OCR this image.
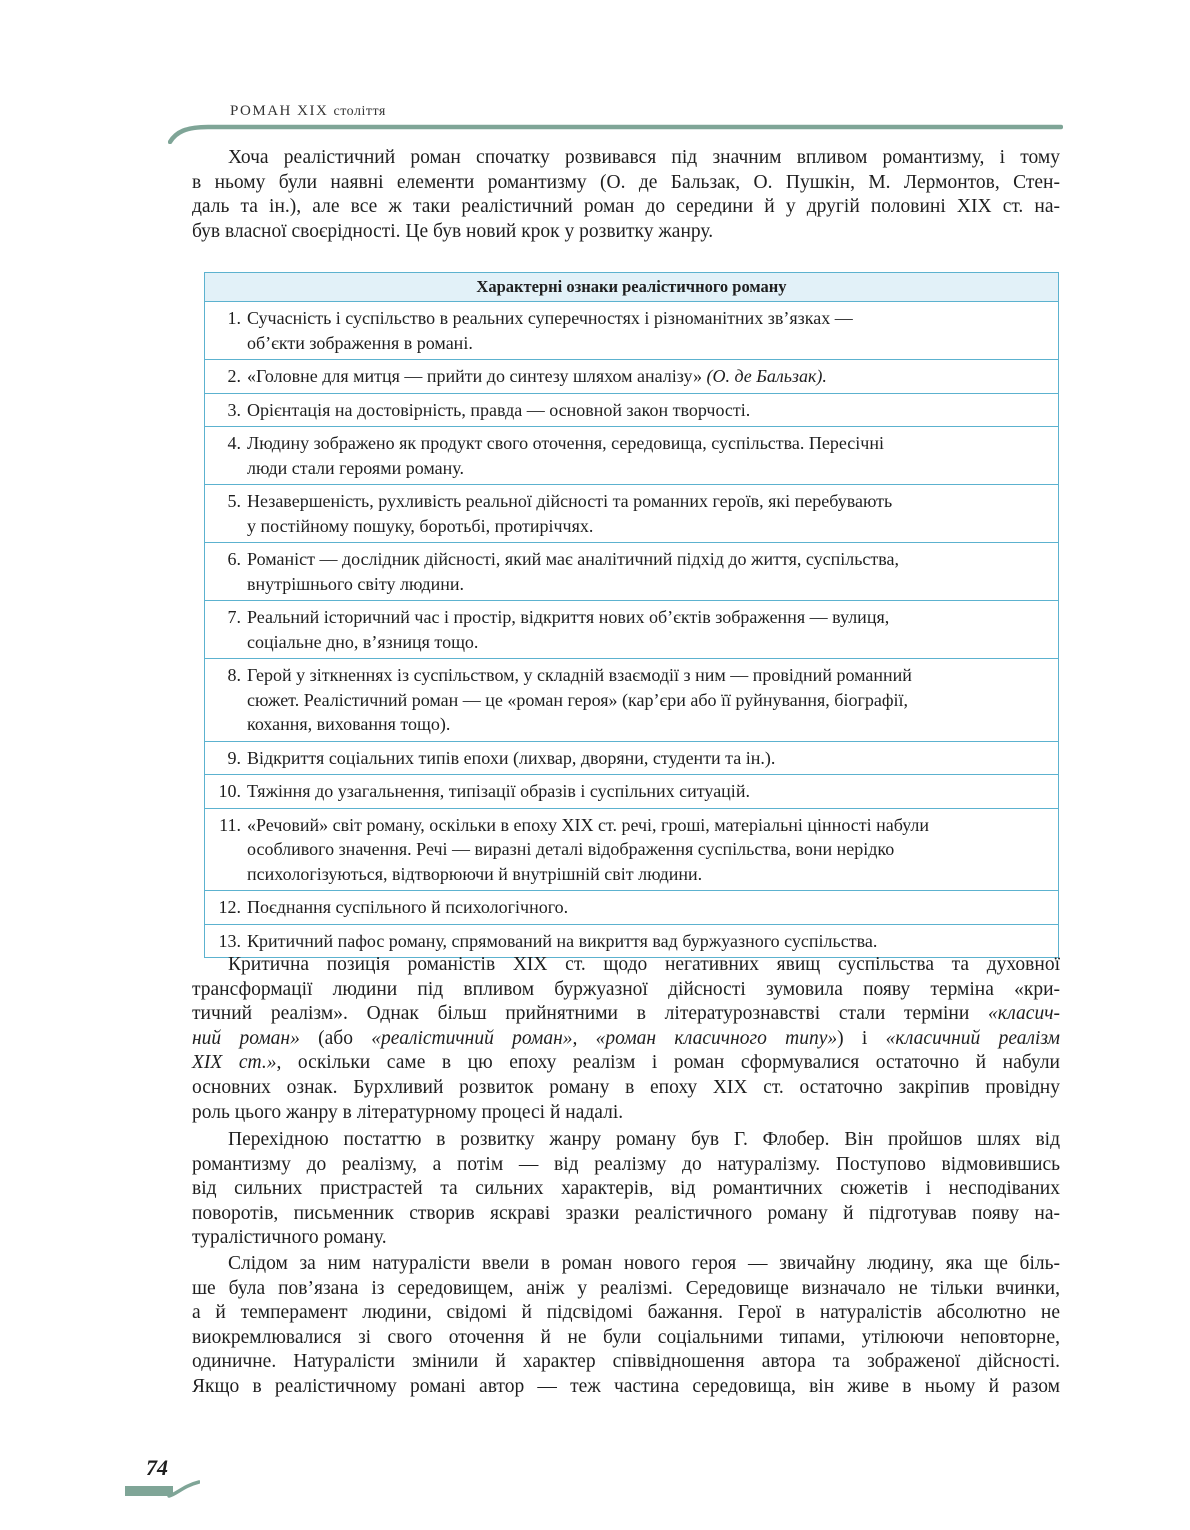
РОМАН XIX століття
Хоча реалістичний роман спочатку розвивався під значним впливом романтизму, і тому
в ньому були наявні елементи романтизму (О. де Бальзак, О. Пушкін, М. Лермонтов, Стен-
даль та ін.), але все ж таки реалістичний роман до середини й у другій половині XIX ст. на-
був власної своєрідності. Це був новий крок у розвитку жанру.
Характерні ознаки реалістичного роману

1. Сучасність і суспільство в реальних суперечностях і різноманітних зв’язках —
об’єкти зображення в романі.

2. «Головне для митця — прийти до синтезу шляхом аналізу» (О. де Бальзак).

3. Орієнтація на достовірність, правда — основной закон творчості.

4. Людину зображено як продукт свого оточення, середовища, суспільства. Пересічні
люди стали героями роману.

5. Незавершеність, рухливість реальної дійсності та романних героїв, які перебувають
у постійному пошуку, боротьбі, протиріччях.

6. Романіст — дослідник дійсності, який має аналітичний підхід до життя, суспільства,
внутрішнього світу людини.

7. Реальний історичний час і простір, відкриття нових об’єктів зображення — вулиця,
соціальне дно, в’язниця тощо.

8. Герой у зіткненнях із суспільством, у складній взаємодії з ним — провідний романний
сюжет. Реалістичний роман — це «роман героя» (кар’єри або її руйнування, біографії,
кохання, виховання тощо).

9. Відкриття соціальних типів епохи (лихвар, дворяни, студенти та ін.).

10. Тяжіння до узагальнення, типізації образів і суспільних ситуацій.

11. «Речовий» світ роману, оскільки в епоху XIX ст. речі, гроші, матеріальні цінності набули
особливого значення. Речі — виразні деталі відображення суспільства, вони нерідко
психологізуються, відтворюючи й внутрішній світ людини.

12. Поєднання суспільного й психологічного.

13. Критичний пафос роману, спрямований на викриття вад буржуазного суспільства.
Критична позиція романістів XIX ст. щодо негативних явищ суспільства та духовної
трансформації людини під впливом буржуазної дійсності зумовила появу терміна «кри-
тичний реалізм». Однак більш прийнятними в літературознавстві стали терміни «класич-
ний роман» (або «реалістичний роман», «роман класичного типу») і «класичний реалізм
XIX ст.», оскільки саме в цю епоху реалізм і роман сформувалися остаточно й набули
основних ознак. Бурхливий розвиток роману в епоху XIX ст. остаточно закріпив провідну
роль цього жанру в літературному процесі й надалі.
Перехідною постаттю в розвитку жанру роману був Г. Флобер. Він пройшов шлях від
романтизму до реалізму, а потім — від реалізму до натуралізму. Поступово відмовившись
від сильних пристрастей та сильних характерів, від романтичних сюжетів і несподіваних
поворотів, письменник створив яскраві зразки реалістичного роману й підготував появу на-
туралістичного роману.
Слідом за ним натуралісти ввели в роман нового героя — звичайну людину, яка ще біль-
ше була пов’язана із середовищем, аніж у реалізмі. Середовище визначало не тільки вчинки,
а й темперамент людини, свідомі й підсвідомі бажання. Герої в натуралістів абсолютно не
виокремлювалися зі свого оточення й не були соціальними типами, утілюючи неповторне,
одиничне. Натуралісти змінили й характер співвідношення автора та зображеної дійсності.
Якщо в реалістичному романі автор — теж частина середовища, він живе в ньому й разом
74
